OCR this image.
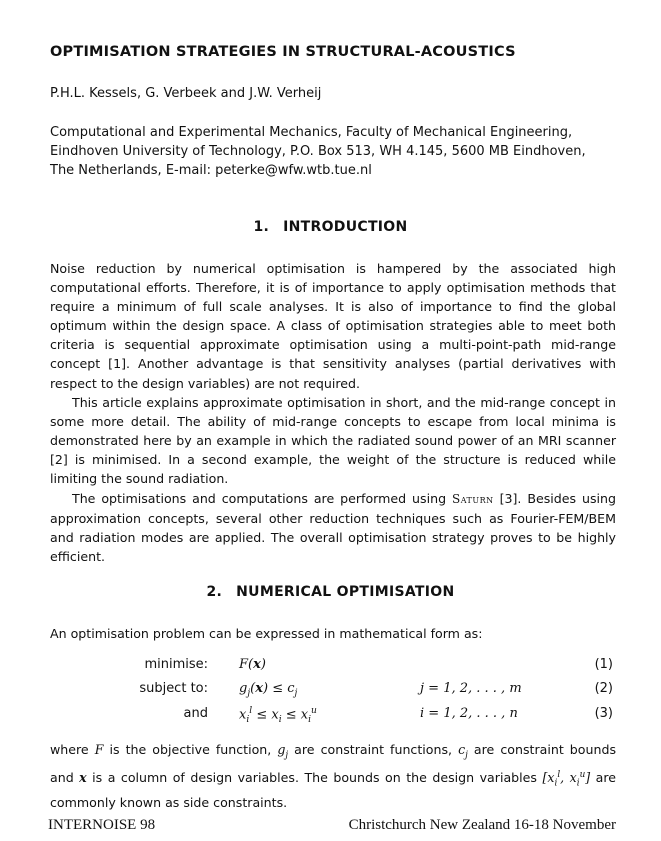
OPTIMISATION STRATEGIES IN STRUCTURAL-ACOUSTICS

P.H.L. Kessels, G. Verbeek and J.W. Verheij

Computational and Experimental Mechanics, Faculty of Mechanical Engineering,
Eindhoven University of Technology, P.O. Box 513, WH 4.145, 5600 MB Eindhoven,
The Netherlands, E-mail: peterke@wfw.wtb.tue.nl

1. INTRODUCTION

Noise reduction by numerical optimisation is hampered by the associated high computational efforts. Therefore, it is of importance to apply optimisation methods that require a minimum of full scale analyses. It is also of importance to find the global optimum within the design space. A class of optimisation strategies able to meet both criteria is sequential approximate optimisation using a multi-point-path mid-range concept [1]. Another advantage is that sensitivity analyses (partial derivatives with respect to the design variables) are not required.

This article explains approximate optimisation in short, and the mid-range concept in some more detail. The ability of mid-range concepts to escape from local minima is demonstrated here by an example in which the radiated sound power of an MRI scanner [2] is minimised. In a second example, the weight of the structure is reduced while limiting the sound radiation.

The optimisations and computations are performed using Saturn [3]. Besides using approximation concepts, several other reduction techniques such as Fourier-FEM/BEM and radiation modes are applied. The overall optimisation strategy proves to be highly efficient.

2. NUMERICAL OPTIMISATION

An optimisation problem can be expressed in mathematical form as:

minimise: F(x)	(1)
subject to: $g_j(x) \le c_j$	j = 1, 2, . . . , m	(2)
and $x_i^l \le x_i \le x_i^u$	i = 1, 2, . . . , n	(3)

where F is the objective function, $g_j$ are constraint functions, $c_j$ are constraint bounds and x is a column of design variables. The bounds on the design variables [$x_i^l$, $x_i^u$] are commonly known as side constraints.

INTERNOISE 98	Christchurch New Zealand 16-18 November
